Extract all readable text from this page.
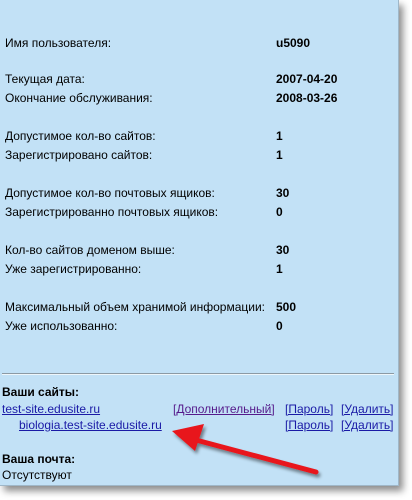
Имя пользователя:	u5090
Текущая дата:	2007-04-20
Окончание обслуживания:	2008-03-26
Допустимое кол-во сайтов:	1
Зарегистрировано сайтов:	1
Допустимое кол-во почтовых ящиков:	30
Зарегистрированно почтовых ящиков:	0
Кол-во сайтов доменом выше:	30
Уже зарегистрированно:	1
Максимальный объем хранимой информации: 500
Уже использованно:	0
Ваши сайты:
test-site.edusite.ru	[Дополнительный] [Пароль] [Удалить]
biologia.test-site.edusite.ru	[Пароль] [Удалить]
Ваша почта:
Отсутствуют
